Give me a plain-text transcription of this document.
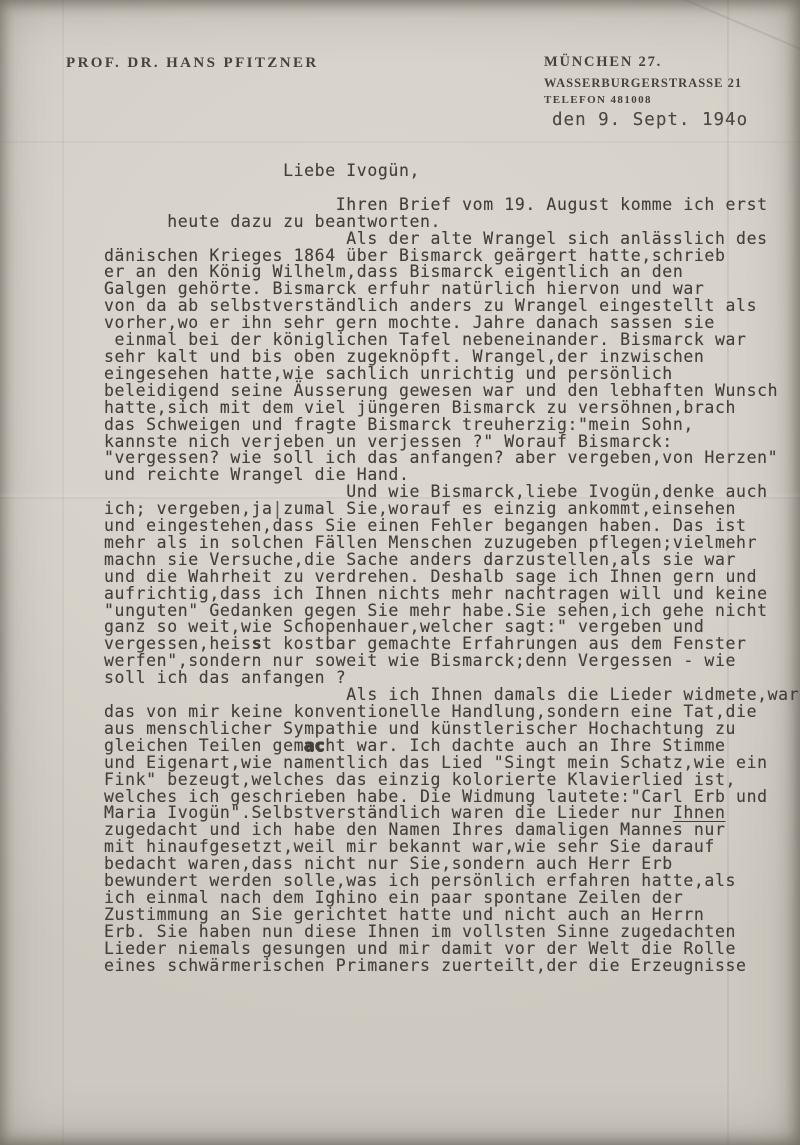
PROF. DR. HANS PFITZNER	MÜNCHEN 27.
WASSERBURGERSTRASSE 21
TELEFON 481008
den 9. Sept. 194o
Liebe Ivogün,

Ihren Brief vom 19. August komme ich erst
heute dazu zu beantworten.
Als der alte Wrangel sich anlässlich des
dänischen Krieges 1864 über Bismarck geärgert hatte,schrieb
er an den König Wilhelm,dass Bismarck eigentlich an den
Galgen gehörte. Bismarck erfuhr natürlich hiervon und war
von da ab selbstverständlich anders zu Wrangel eingestellt als
vorher,wo er ihn sehr gern mochte. Jahre danach sassen sie
einmal bei der königlichen Tafel nebeneinander. Bismarck war
sehr kalt und bis oben zugeknöpft. Wrangel,der inzwischen
eingesehen hatte,wie sachlich unrichtig und persönlich
beleidigend seine Äusserung gewesen war und den lebhaften Wunsch
hatte,sich mit dem viel jüngeren Bismarck zu versöhnen,brach
das Schweigen und fragte Bismarck treuherzig:"mein Sohn,
kannste nich verjeben un verjessen ?" Worauf Bismarck:
"vergessen? wie soll ich das anfangen? aber vergeben,von Herzen"
und reichte Wrangel die Hand.
Und wie Bismarck,liebe Ivogün,denke auch
ich; vergeben,ja|zumal Sie,worauf es einzig ankommt,einsehen
und eingestehen,dass Sie einen Fehler begangen haben. Das ist
mehr als in solchen Fällen Menschen zuzugeben pflegen;vielmehr
machn sie Versuche,die Sache anders darzustellen,als sie war
und die Wahrheit zu verdrehen. Deshalb sage ich Ihnen gern und
aufrichtig,dass ich Ihnen nichts mehr nachtragen will und keine
"unguten" Gedanken gegen Sie mehr habe.Sie sehen,ich gehe nicht
ganz so weit,wie Schopenhauer,welcher sagt:" vergeben und
vergessen,heisst kostbar gemachte Erfahrungen aus dem Fenster
werfen",sondern nur soweit wie Bismarck;denn Vergessen - wie
soll ich das anfangen ?
Als ich Ihnen damals die Lieder widmete,war
das von mir keine konventionelle Handlung,sondern eine Tat,die
aus menschlicher Sympathie und künstlerischer Hochachtung zu
gleichen Teilen gemacht war. Ich dachte auch an Ihre Stimme
und Eigenart,wie namentlich das Lied "Singt mein Schatz,wie ein
Fink" bezeugt,welches das einzig kolorierte Klavierlied ist,
welches ich geschrieben habe. Die Widmung lautete:"Carl Erb und
Maria Ivogün".Selbstverständlich waren die Lieder nur Ihnen
zugedacht und ich habe den Namen Ihres damaligen Mannes nur
mit hinaufgesetzt,weil mir bekannt war,wie sehr Sie darauf
bedacht waren,dass nicht nur Sie,sondern auch Herr Erb
bewundert werden solle,was ich persönlich erfahren hatte,als
ich einmal nach dem Ighino ein paar spontane Zeilen der
Zustimmung an Sie gerichtet hatte und nicht auch an Herrn
Erb. Sie haben nun diese Ihnen im vollsten Sinne zugedachten
Lieder niemals gesungen und mir damit vor der Welt die Rolle
eines schwärmerischen Primaners zuerteilt,der die Erzeugnisse
